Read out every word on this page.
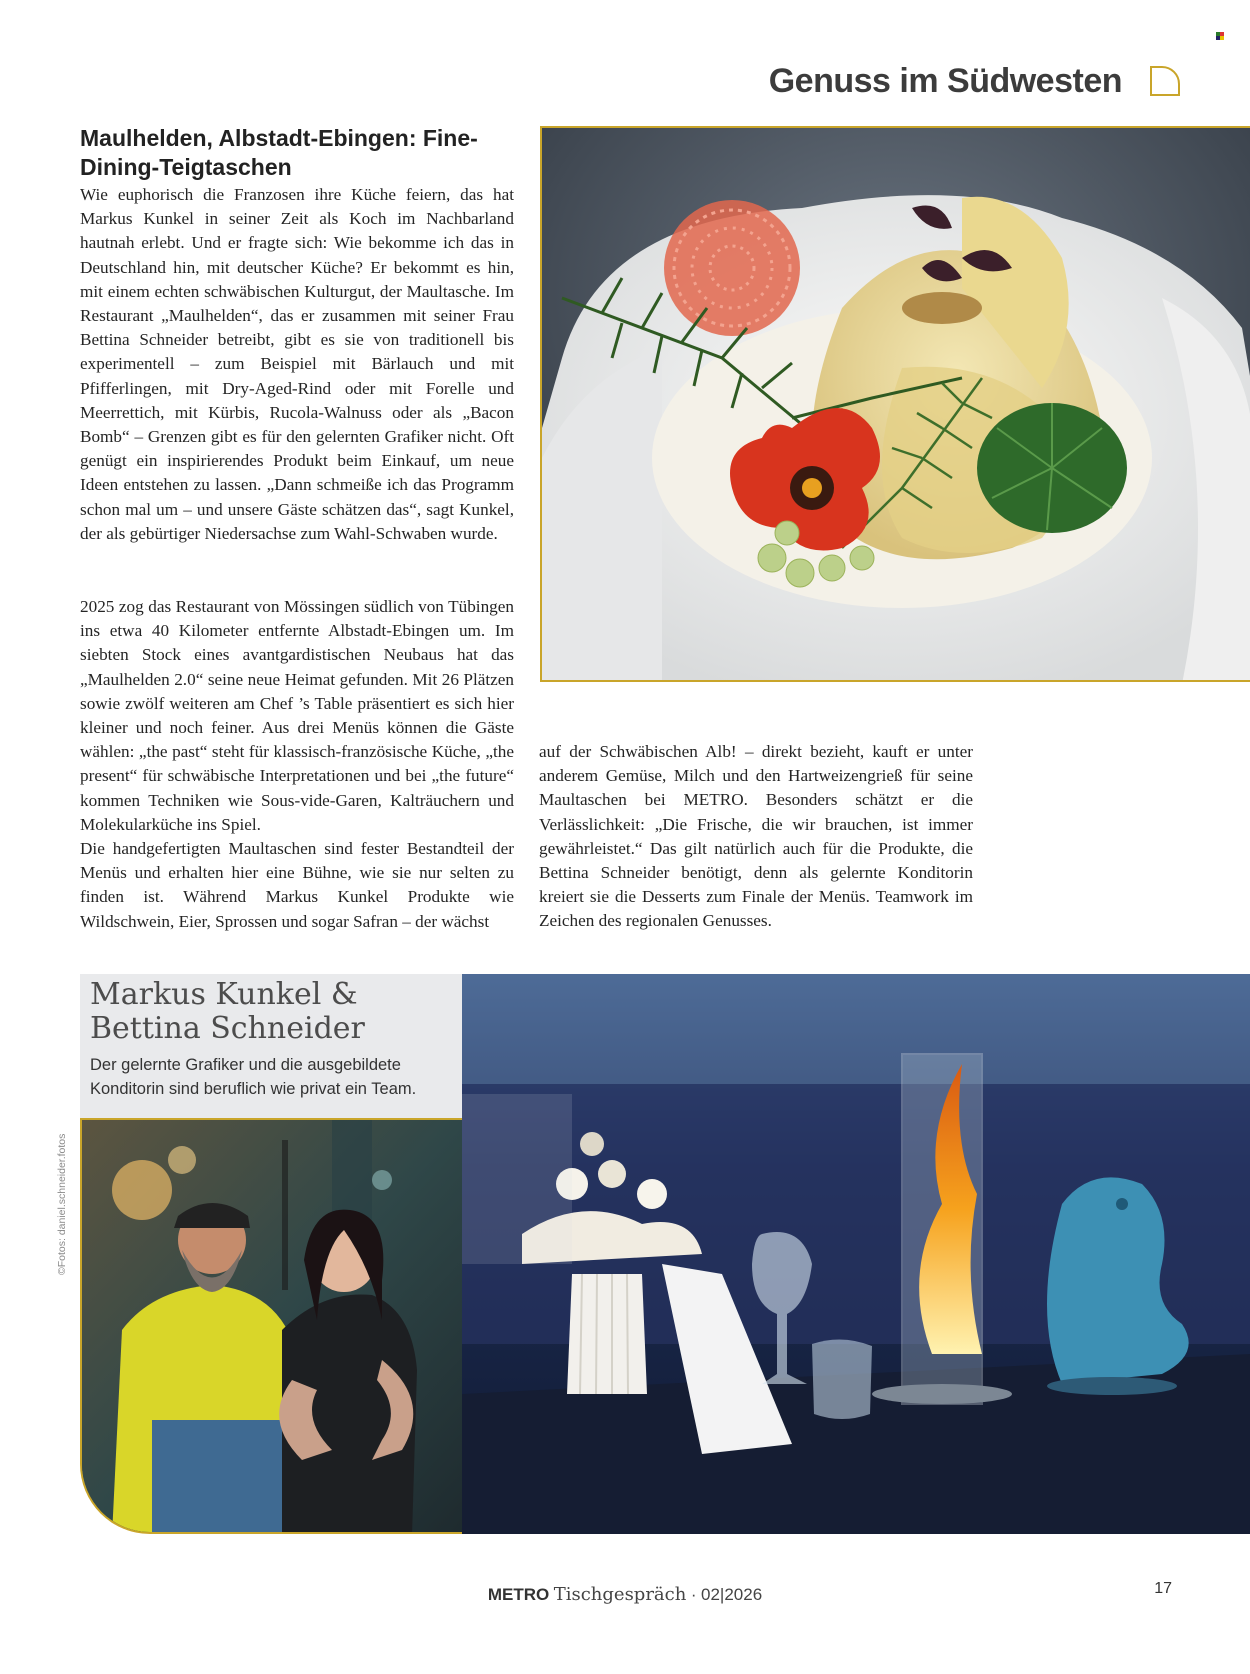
Genuss im Südwesten
Maulhelden, Albstadt-Ebingen: Fine-Dining-Teigtaschen

Wie euphorisch die Franzosen ihre Küche feiern, das hat Markus Kunkel in seiner Zeit als Koch im Nachbarland hautnah erlebt. Und er fragte sich: Wie bekomme ich das in Deutschland hin, mit deutscher Küche? Er bekommt es hin, mit einem echten schwäbischen Kulturgut, der Maultasche. Im Restaurant „Maulhelden“, das er zusammen mit seiner Frau Bettina Schneider betreibt, gibt es sie von traditionell bis experimentell – zum Beispiel mit Bärlauch und mit Pfifferlingen, mit Dry-Aged-Rind oder mit Forelle und Meerrettich, mit Kürbis, Rucola-Walnuss oder als „Bacon Bomb“ – Grenzen gibt es für den gelernten Grafiker nicht. Oft genügt ein inspirierendes Produkt beim Einkauf, um neue Ideen entstehen zu lassen. „Dann schmeiße ich das Programm schon mal um – und unsere Gäste schätzen das“, sagt Kunkel, der als gebürtiger Niedersachse zum Wahl-Schwaben wurde.

2025 zog das Restaurant von Mössingen südlich von Tübingen ins etwa 40 Kilometer entfernte Albstadt-Ebingen um. Im siebten Stock eines avantgardistischen Neubaus hat das „Maulhelden 2.0“ seine neue Heimat gefunden. Mit 26 Plätzen sowie zwölf weiteren am Chef ’s Table präsentiert es sich hier kleiner und noch feiner. Aus drei Menüs können die Gäste wählen: „the past“ steht für klassisch-französische Küche, „the present“ für schwäbische Interpretationen und bei „the future“ kommen Techniken wie Sous-vide-Garen, Kalträuchern und Molekularküche ins Spiel.

Die handgefertigten Maultaschen sind fester Bestandteil der Menüs und erhalten hier eine Bühne, wie sie nur selten zu finden ist. Während Markus Kunkel Produkte wie Wildschwein, Eier, Sprossen und sogar Safran – der wächst

auf der Schwäbischen Alb! – direkt bezieht, kauft er unter anderem Gemüse, Milch und den Hartweizengrieß für seine Maultaschen bei METRO. Besonders schätzt er die Verlässlichkeit: „Die Frische, die wir brauchen, ist immer gewährleistet.“ Das gilt natürlich auch für die Produkte, die Bettina Schneider benötigt, denn als gelernte Konditorin kreiert sie die Desserts zum Finale der Menüs. Teamwork im Zeichen des regionalen Genusses.

Markus Kunkel &
Bettina Schneider

Der gelernte Grafiker und die ausgebildete Konditorin sind beruflich wie privat ein Team.

©Fotos: daniel.schneider.fotos
METRO Tischgespräch · 02|2026	17
